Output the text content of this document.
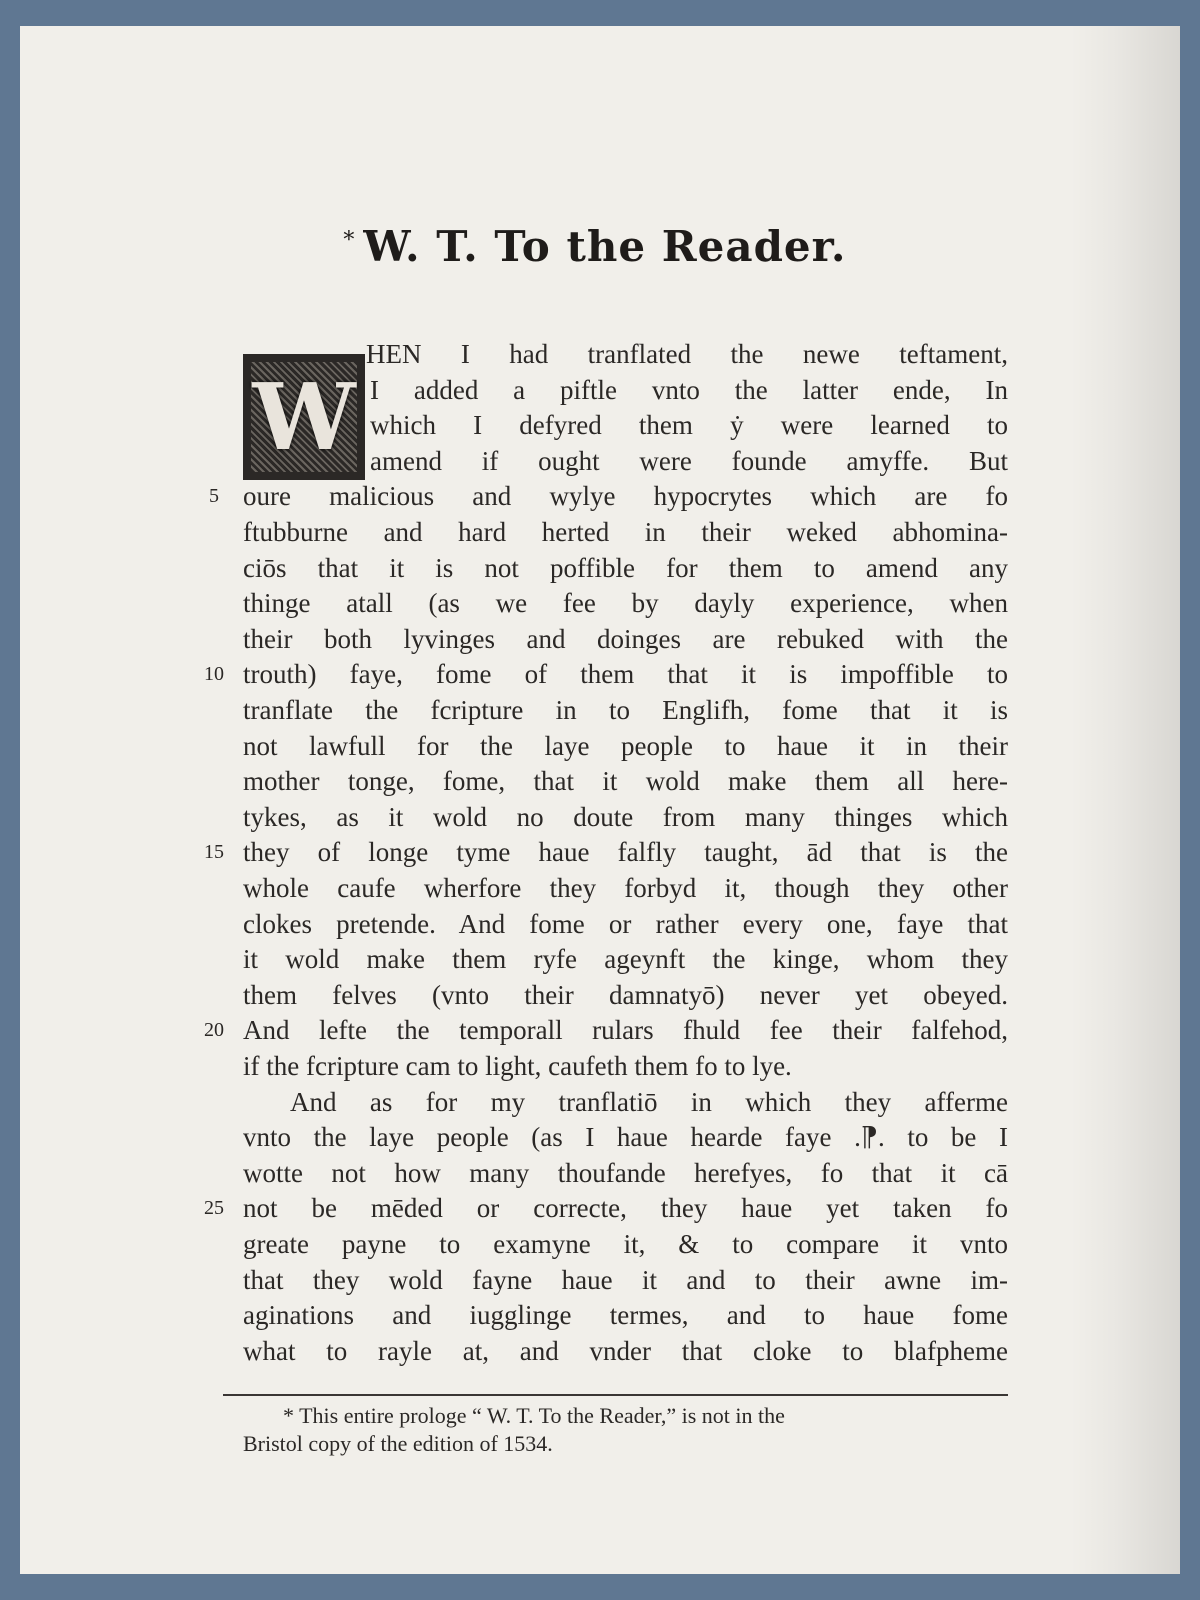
* W. T. To the Reader.
W
HEN I had tranflated the newe teftament,
I added a piftle vnto the latter ende, In
which I defyred them ẏ were learned to
amend if ought were founde amyffe. But
oure malicious and wylye hypocrytes which are fo
5
ftubburne and hard herted in their weked abhomina-
ciōs that it is not poffible for them to amend any
thinge atall (as we fee by dayly experience, when
their both lyvinges and doinges are rebuked with the
trouth) faye, fome of them that it is impoffible to
10
tranflate the fcripture in to Englifh, fome that it is
not lawfull for the laye people to haue it in their
mother tonge, fome, that it wold make them all here-
tykes, as it wold no doute from many thinges which
they of longe tyme haue falfly taught, ād that is the
15
whole caufe wherfore they forbyd it, though they other
clokes pretende. And fome or rather every one, faye that
it wold make them ryfe ageynft the kinge, whom they
them felves (vnto their damnatyō) never yet obeyed.
And lefte the temporall rulars fhuld fee their falfehod,
20
if the fcripture cam to light, caufeth them fo to lye.
And as for my tranflatiō in which they afferme
vnto the laye people (as I haue hearde faye .⁋. to be I
wotte not how many thoufande herefyes, fo that it cā
not be mēded or correcte, they haue yet taken fo
25
greate payne to examyne it, & to compare it vnto
that they wold fayne haue it and to their awne im-
aginations and iugglinge termes, and to haue fome
what to rayle at, and vnder that cloke to blafpheme
* This entire prologe “ W. T. To the Reader,” is not in the
Bristol copy of the edition of 1534.
